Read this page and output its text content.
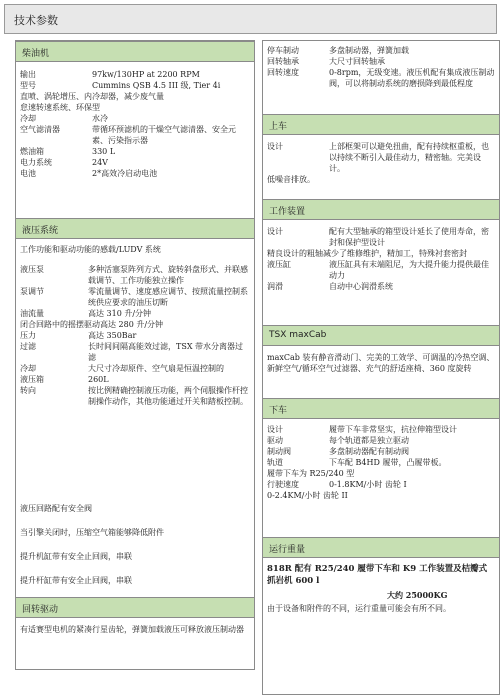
技术参数
柴油机
输出	97kw/130HP at 2200 RPM
型号	Cummins QSB 4.5 III 级, Tier 4i
直喷、涡轮增压、内冷却器，减少废气量
怠速转速系统、环保型
冷却	水冷
空气滤清器	带循环预滤机的干燥空气滤清器、安全元素、污染指示器
燃油箱	330 L
电力系统	24V
电池	2*高效冷启动电池
液压系统
工作功能和驱动功能的感载/LUDV 系统
液压泵	多种活塞泵阵列方式、旋转斜盘形式、并联感载调节、工作功能独立操作
泵调节	零流量调节、速度感应调节、按照流量控制系统供应要求的油压切断
油流量	高达 310 升/分钟
闭合回路中的摇摆驱动高达 280 升/分钟
压力	高达 350Bar
过滤	长时间间隔高能效过滤，TSX 带水分离器过滤
冷却	大尺寸冷却原件、空气扇是恒温控制的
液压箱	260L
转向	按比例精确控制液压功能，两个伺服操作杆控制操作动作，其他功能通过开关和踏板控制。
液压回路配有安全阀
当引擎关闭时，压缩空气箱能够降低附件
提升机缸带有安全止回阀，串联
提升杆缸带有安全止回阀，串联
回转驱动
有适赛型电机的紧凑行星齿轮，弹簧加载液压可释放液压制动器
停车制动	多盘制动器，弹簧加载
回转轴承	大尺寸回转轴承
回转速度	0-8rpm，无级变速。液压机配有集成液压制动阀，可以将制动系统的磨损降到最低程度
上车
设计	上部框架可以避免扭曲，配有持续枢重板，也以持续不断引入最佳动力，精密轴。完美设计。
低噪音排放。
工作装置
设计	配有大型轴承的箱型设计延长了使用寿命，密封和保护型设计
精良设计的粗轴减少了维修维护，精加工，特殊衬套密封
液压缸	液压缸具有末端阻尼，为大提升能力提供最佳动力
润滑	自动中心润滑系统
TSX maxCab
maxCab 装有静音滑动门、完美的工效学、可调温的冷热空调、新鲜空气/循环空气过滤器、充气的舒适座椅、360 度旋转
下车
设计	履带下车非常坚实，抗拉伸箱型设计
驱动	每个轨道都是独立驱动
制动阀	多盘制动器配有制动阀
轨道	下车配 B4HD 履带，凸履带板。
履带下车为 R25/240 型
行驶速度	0-1.8KM/小时 齿轮 I
0-2.4KM/小时 齿轮 II
运行重量
818R 配有 R25/240 履带下车和 K9 工作装置及桔瓣式抓岩机 600 l
大约 25000KG
由于设备和附件的不同，运行重量可能会有所不同。
